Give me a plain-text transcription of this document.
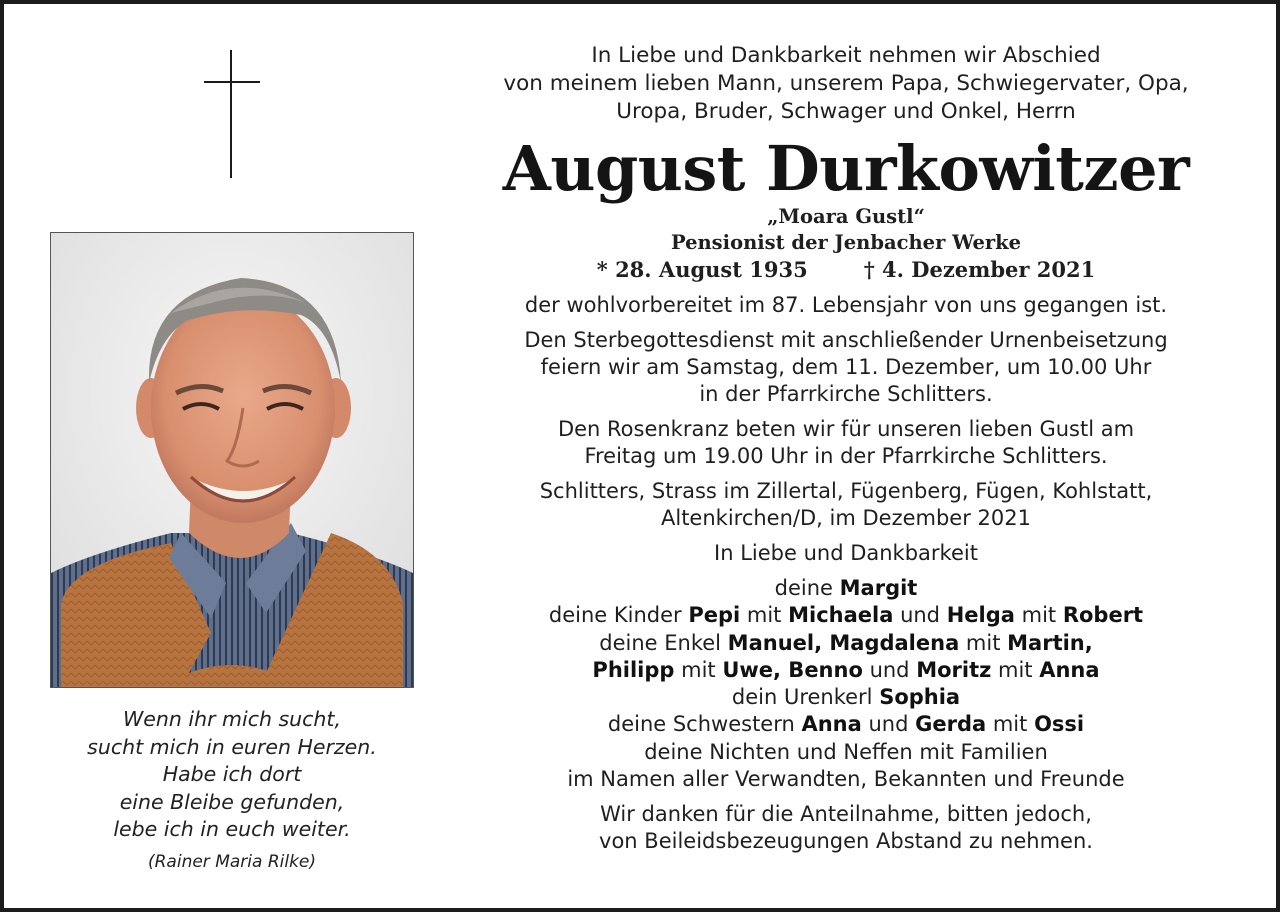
Wenn ihr mich sucht,
sucht mich in euren Herzen.
Habe ich dort
eine Bleibe gefunden,
lebe ich in euch weiter.
(Rainer Maria Rilke)
In Liebe und Dankbarkeit nehmen wir Abschied
von meinem lieben Mann, unserem Papa, Schwiegervater, Opa,
Uropa, Bruder, Schwager und Onkel, Herrn
August Durkowitzer
„Moara Gustl“
Pensionist der Jenbacher Werke
* 28. August 1935	† 4. Dezember 2021
der wohlvorbereitet im 87. Lebensjahr von uns gegangen ist.
Den Sterbegottesdienst mit anschließender Urnenbeisetzung
feiern wir am Samstag, dem 11. Dezember, um 10.00 Uhr
in der Pfarrkirche Schlitters.
Den Rosenkranz beten wir für unseren lieben Gustl am
Freitag um 19.00 Uhr in der Pfarrkirche Schlitters.
Schlitters, Strass im Zillertal, Fügenberg, Fügen, Kohlstatt,
Altenkirchen/D, im Dezember 2021
In Liebe und Dankbarkeit
deine Margit
deine Kinder Pepi mit Michaela und Helga mit Robert
deine Enkel Manuel, Magdalena mit Martin,
Philipp mit Uwe, Benno und Moritz mit Anna
dein Urenkerl Sophia
deine Schwestern Anna und Gerda mit Ossi
deine Nichten und Neffen mit Familien
im Namen aller Verwandten, Bekannten und Freunde
Wir danken für die Anteilnahme, bitten jedoch,
von Beileidsbezeugungen Abstand zu nehmen.
